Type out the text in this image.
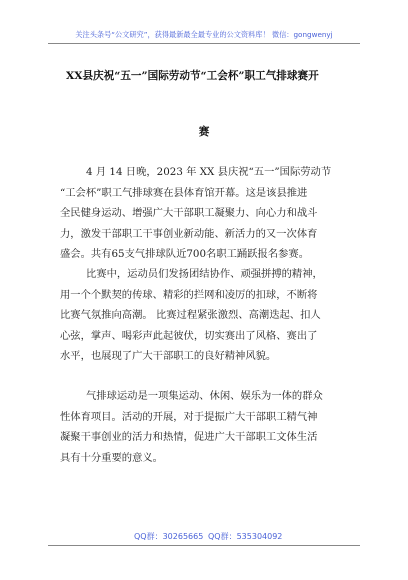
关注头条号“公文研究”，获得最新最全最专业的公文资料库！ 微信：gongwenyj
XX县庆祝“五一”国际劳动节“工会杯”职工气排球赛开
赛
4 月 14 日晚，2023 年 XX 县庆祝“五一”国际劳动节
“工会杯”职工气排球赛在县体育馆开幕。这是该县推进
全民健身运动、增强广大干部职工凝聚力、向心力和战斗
力，激发干部职工干事创业新动能、新活力的又一次体育
盛会。共有65支气排球队近700名职工踊跃报名参赛。
比赛中，运动员们发扬团结协作、顽强拼搏的精神，
用一个个默契的传球、精彩的拦网和凌厉的扣球，不断将
比赛气氛推向高潮。 比赛过程紧张激烈、高潮迭起、扣人
心弦，掌声、喝彩声此起彼伏，切实赛出了风格、赛出了
水平，也展现了广大干部职工的良好精神风貌。
气排球运动是一项集运动、休闲、娱乐为一体的群众
性体育项目。活动的开展，对于提振广大干部职工精气神
凝聚干事创业的活力和热情，促进广大干部职工文体生活
具有十分重要的意义。
QQ群：30265665 QQ群：535304092
